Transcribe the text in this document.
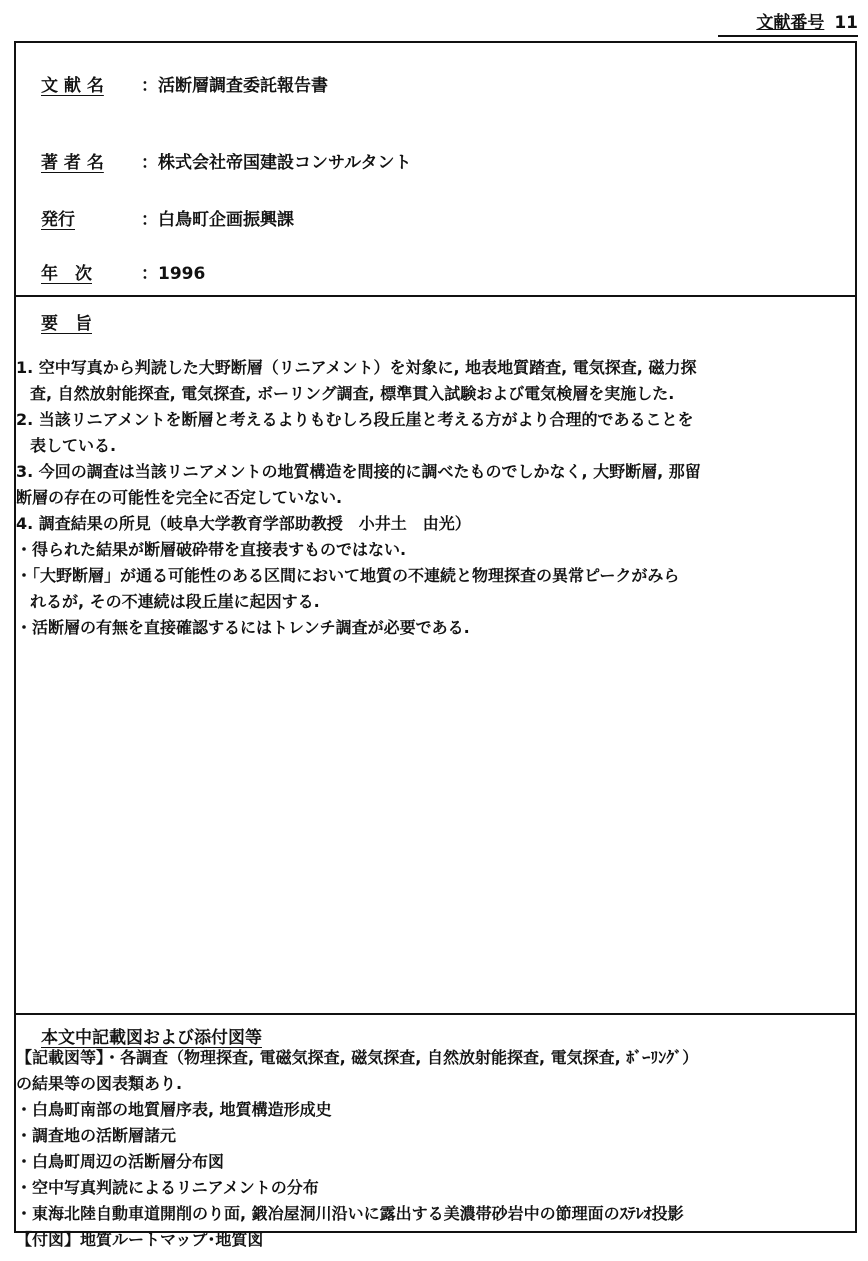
文献番号 11
文 献 名	：活断層調査委託報告書
著 者 名	：株式会社帝国建設コンサルタント
発行	：白鳥町企画振興課
年　次	：1996
要　旨
1. 空中写真から判読した大野断層（リニアメント）を対象に, 地表地質踏査, 電気探査, 磁力探
査, 自然放射能探査, 電気探査, ボーリング調査, 標準貫入試験および電気検層を実施した.
2. 当該リニアメントを断層と考えるよりもむしろ段丘崖と考える方がより合理的であることを
表している.
3. 今回の調査は当該リニアメントの地質構造を間接的に調べたものでしかなく, 大野断層, 那留
断層の存在の可能性を完全に否定していない.
4. 調査結果の所見（岐阜大学教育学部助教授　小井土　由光）
・得られた結果が断層破砕帯を直接表すものではない.
・「大野断層」が通る可能性のある区間において地質の不連続と物理探査の異常ピークがみら
れるが, その不連続は段丘崖に起因する.
・活断層の有無を直接確認するにはトレンチ調査が必要である.
本文中記載図および添付図等
【記載図等】・各調査（物理探査, 電磁気探査, 磁気探査, 自然放射能探査, 電気探査, ﾎﾞｰﾘﾝｸﾞ）
の結果等の図表類あり.
・白鳥町南部の地質層序表, 地質構造形成史
・調査地の活断層諸元
・白鳥町周辺の活断層分布図
・空中写真判読によるリニアメントの分布
・東海北陸自動車道開削のり面, 鍛冶屋洞川沿いに露出する美濃帯砂岩中の節理面のｽﾃﾚｵ投影
【付図】地質ルートマップ･地質図
